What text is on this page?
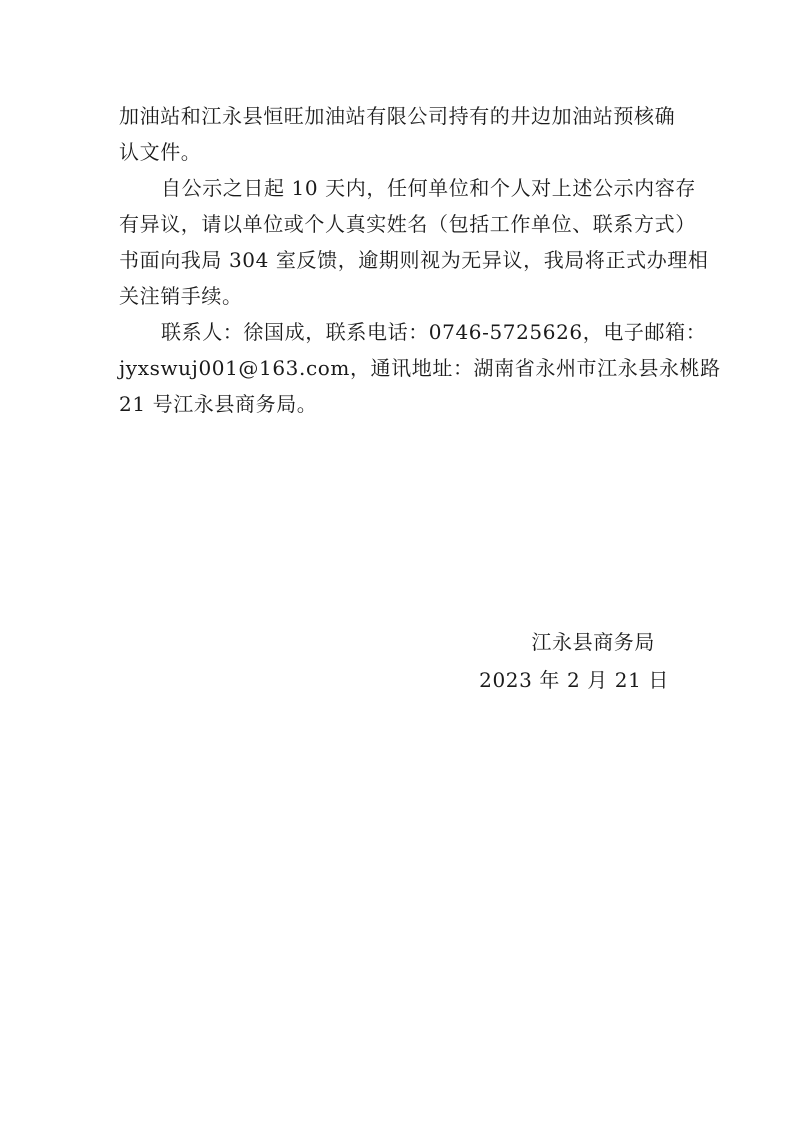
加油站和江永县恒旺加油站有限公司持有的井边加油站预核确
认文件。
自公示之日起 10 天内，任何单位和个人对上述公示内容存
有异议，请以单位或个人真实姓名（包括工作单位、联系方式）
书面向我局 304 室反馈，逾期则视为无异议，我局将正式办理相
关注销手续。
联系人：徐国成，联系电话：0746-5725626，电子邮箱：
jyxswuj001@163.com，通讯地址：湖南省永州市江永县永桃路
21 号江永县商务局。
江永县商务局
2023 年 2 月 21 日
